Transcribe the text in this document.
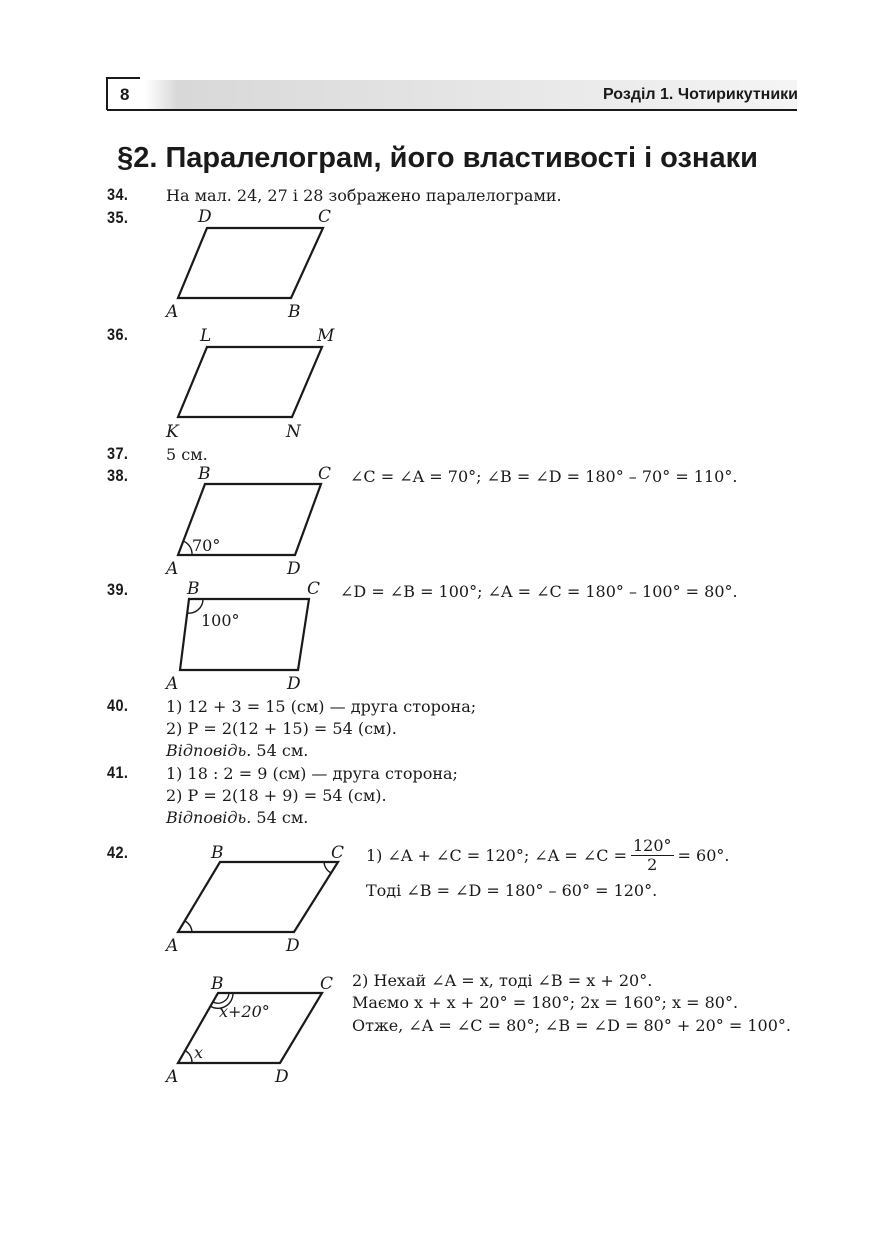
8	Розділ 1. Чотирикутники
§2. Паралелограм, його властивості і ознаки
34. На мал. 24, 27 і 28 зображено паралелограми.
35.	D	C
A	B
36.	L	M
K	N
37. 5 см.
38.
70°
B	C
A	D
∠C = ∠A = 70°; ∠B = ∠D = 180° – 70° = 110°.
39.
100°
B	C
A	D
∠D = ∠B = 100°; ∠A = ∠C = 180° – 100° = 80°.
40. 1) 12 + 3 = 15 (см) — друга сторона;
2) P = 2(12 + 15) = 54 (см).
Відповідь. 54 см.
41. 1) 18 : 2 = 9 (см) — друга сторона;
2) P = 2(18 + 9) = 54 (см).
Відповідь. 54 см.
42.	B	C
A	D
1) ∠A + ∠C = 120°; ∠A = ∠C = $\frac{120^\circ}{2} = 60^\circ$.
Тоді ∠B = ∠D = 180° – 60° = 120°.
x+20°
x
B	C
A	D
2) Нехай ∠A = x, тоді ∠B = x + 20°.
Маємо x + x + 20° = 180°; 2x = 160°; x = 80°.
Отже, ∠A = ∠C = 80°; ∠B = ∠D = 80° + 20° = 100°.
